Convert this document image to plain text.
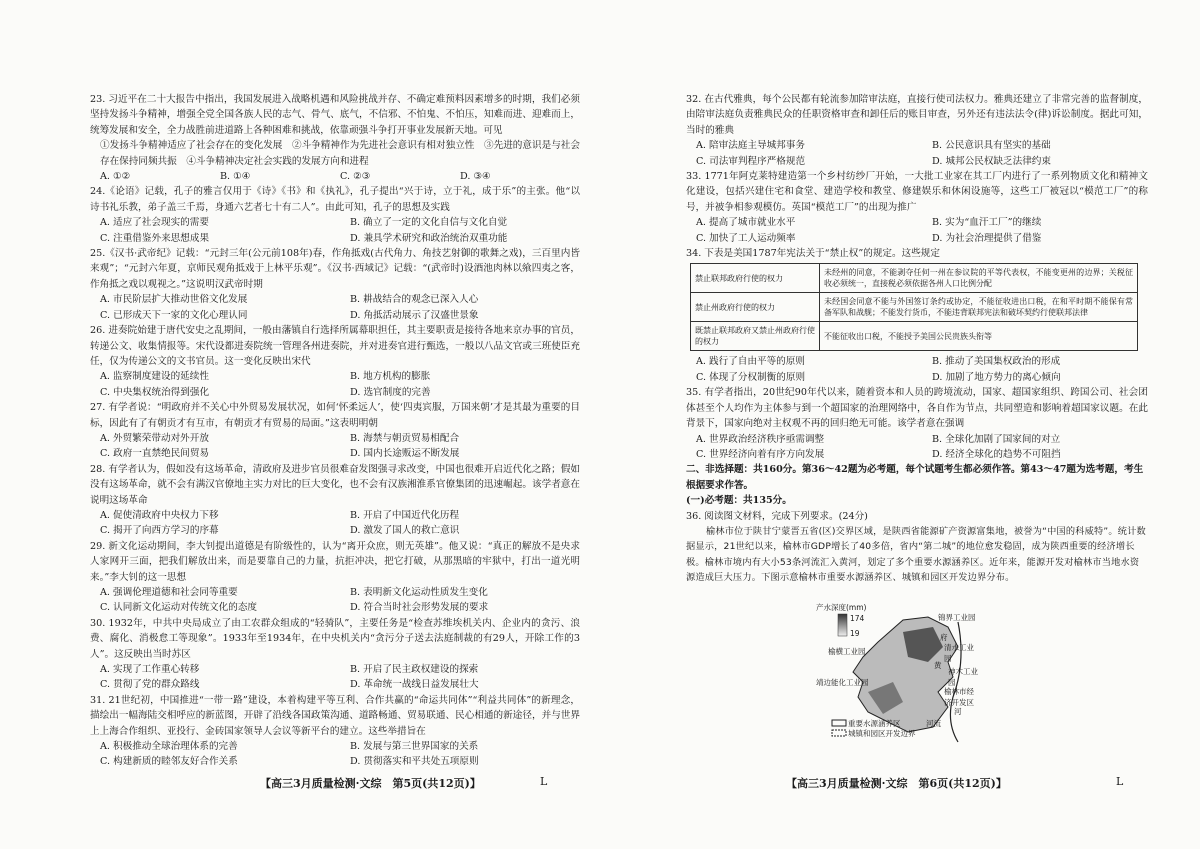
23. 习近平在二十大报告中指出，我国发展进入战略机遇和风险挑战并存、不确定难预料因素增多的时期，我们必须坚持发扬斗争精神，增强全党全国各族人民的志气、骨气、底气，不信邪、不怕鬼、不怕压，知难而进、迎难而上，统筹发展和安全，全力战胜前进道路上各种困难和挑战，依靠顽强斗争打开事业发展新天地。可见
①发扬斗争精神适应了社会存在的变化发展　②斗争精神作为先进社会意识有相对独立性　③先进的意识是与社会存在保持同频共振　④斗争精神决定社会实践的发展方向和进程
A. ①②	B. ①④	C. ②③	D. ③④
24.《论语》记载，孔子的雅言仅用于《诗》《书》和《执礼》，孔子提出“兴于诗，立于礼，成于乐”的主张。他“以诗书礼乐教，弟子盖三千焉，身通六艺者七十有二人”。由此可知，孔子的思想及实践
A. 适应了社会现实的需要	B. 确立了一定的文化自信与文化自觉
C. 注重借鉴外来思想成果	D. 兼具学术研究和政治统治双重功能
25.《汉书·武帝纪》记载：“元封三年(公元前108年)春，作角抵戏(古代角力、角技艺射御的歌舞之戏)，三百里内皆来观”；“元封六年夏，京师民观角抵戏于上林平乐观”。《汉书·西域记》记载：“(武帝时)设酒池肉林以飨四夷之客，作角抵之戏以观视之。”这说明汉武帝时期
A. 市民阶层扩大推动世俗文化发展	B. 耕战结合的观念已深入人心
C. 已形成天下一家的文化心理认同	D. 角抵活动展示了汉盛世景象
26. 进奏院始建于唐代安史之乱期间，一般由藩镇自行选择所属幕职担任，其主要职责是接待各地来京办事的官员，转递公文、收集情报等。宋代设都进奏院统一管理各州进奏院，并对进奏官进行甄选，一般以八品文官或三班使臣充任，仅为传递公文的文书官员。这一变化反映出宋代
A. 监察制度建设的延续性	B. 地方机构的膨胀
C. 中央集权统治得到强化	D. 选官制度的完善
27. 有学者说：“明政府并不关心中外贸易发展状况，如何‘怀柔远人’，使‘四夷宾服，万国来朝’才是其最为重要的目标，因此有了有朝贡才有互市，有朝贡才有贸易的局面。”这表明明朝
A. 外贸繁荣带动对外开放	B. 海禁与朝贡贸易相配合
C. 政府一直禁绝民间贸易	D. 国内长途贩运不断发展
28. 有学者认为，假如没有这场革命，清政府及进步官员很难奋发图强寻求改变，中国也很难开启近代化之路；假如没有这场革命，就不会有满汉官僚地主实力对比的巨大变化，也不会有汉族湘淮系官僚集团的迅速崛起。该学者意在说明这场革命
A. 促使清政府中央权力下移	B. 开启了中国近代化历程
C. 揭开了向西方学习的序幕	D. 激发了国人的救亡意识
29. 新文化运动期间，李大钊提出道德是有阶级性的，认为“离开众庶，则无英雄”。他又说：“真正的解放不是央求人家网开三面，把我们解放出来，而是要靠自己的力量，抗拒冲决，把它打破，从那黑暗的牢狱中，打出一道光明来。”李大钊的这一思想
A. 强调伦理道德和社会同等重要	B. 表明新文化运动性质发生变化
C. 认同新文化运动对传统文化的态度	D. 符合当时社会形势发展的要求
30. 1932年，中共中央局成立了由工农群众组成的“轻骑队”，主要任务是“检查苏维埃机关内、企业内的贪污、浪费、腐化、消极怠工等现象”。1933年至1934年，在中央机关内“贪污分子送去法庭制裁的有29人，开除工作的3人”。这反映出当时苏区
A. 实现了工作重心转移	B. 开启了民主政权建设的探索
C. 贯彻了党的群众路线	D. 革命统一战线日益发展壮大
31. 21世纪初，中国推进“一带一路”建设，本着构建平等互利、合作共赢的“命运共同体”“利益共同体”的新理念，描绘出一幅海陆交相呼应的新蓝图，开辟了沿线各国政策沟通、道路畅通、贸易联通、民心相通的新途径，并与世界上上海合作组织、亚投行、金砖国家领导人会议等新平台的建立。这些举措旨在
A. 积极推动全球治理体系的完善	B. 发展与第三世界国家的关系
C. 构建新质的睦邻友好合作关系	D. 贯彻落实和平共处五项原则
【高三3月质量检测·文综　第5页(共12页)】	L
32. 在古代雅典，每个公民都有轮流参加陪审法庭，直接行使司法权力。雅典还建立了非常完善的监督制度，由陪审法庭负责雅典民众的任职资格审查和卸任后的账目审查，另外还有违法法令(律)诉讼制度。据此可知，当时的雅典
A. 陪审法庭主导城邦事务	B. 公民意识具有坚实的基础
C. 司法审判程序严格规范	D. 城邦公民权缺乏法律约束
33. 1771年阿克莱特建造第一个乡村纺纱厂开始，一大批工业家在其工厂内进行了一系列物质文化和精神文化建设，包括兴建住宅和食堂、建造学校和教堂、修建娱乐和休闲设施等，这些工厂被冠以“模范工厂”的称号，并被争相参观模仿。英国“模范工厂”的出现为推广
A. 提高了城市就业水平	B. 实为“血汗工厂”的继续
C. 加快了工人运动频率	D. 为社会治理提供了借鉴
34. 下表是美国1787年宪法关于“禁止权”的规定。这些规定
禁止联邦政府行使的权力	未经州的同意，不能剥夺任何一州在参议院的平等代表权，不能变更州的边界；关税征收必须统一，直接税必须依据各州人口比例分配
禁止州政府行使的权力	未经国会同意不能与外国签订条约或协定，不能征收进出口税，在和平时期不能保有常备军队和战舰；不能发行货币，不能违背联邦宪法和破坏契约行使联邦法律
既禁止联邦政府又禁止州政府行使的权力	不能征收出口税，不能授予美国公民贵族头衔等
A. 践行了自由平等的原则	B. 推动了美国集权政治的形成
C. 体现了分权制衡的原则	D. 加剧了地方势力的离心倾向
35. 有学者指出，20世纪90年代以来，随着资本和人员的跨境流动，国家、超国家组织、跨国公司、社会团体甚至个人均作为主体参与到一个超国家的治理网络中，各自作为节点，共同塑造和影响着超国家议题。在此背景下，国家向绝对主权观不再的回归绝无可能。该学者意在强调
A. 世界政治经济秩序亟需调整	B. 全球化加剧了国家间的对立
C. 世界经济向着有序方向发展	D. 经济全球化的趋势不可阻挡
二、非选择题：共160分。第36～42题为必考题，每个试题考生都必须作答。第43～47题为选考题，考生根据要求作答。
(一)必考题：共135分。
36. 阅读图文材料，完成下列要求。(24分)
榆林市位于陕甘宁蒙晋五省(区)交界区域，是陕西省能源矿产资源富集地，被誉为“中国的科威特”。统计数据显示，21世纪以来，榆林市GDP增长了40多倍，省内“第二城”的地位愈发稳固，成为陕西重要的经济增长极。榆林市境内有大小53条河流汇入黄河，划定了多个重要水源涵养区。近年来，能源开发对榆林市当地水资源造成巨大压力。下图示意榆林市重要水源涵养区、城镇和园区开发边界分布。
产水深度(mm)
174
19
锦界工业园
清水工业园
榆横工业园
神木工业园
靖边能化工业园
榆林市经济开发区
府
黄
河
河流
重要水源涵养区
城镇和园区开发边界
【高三3月质量检测·文综　第6页(共12页)】	L
